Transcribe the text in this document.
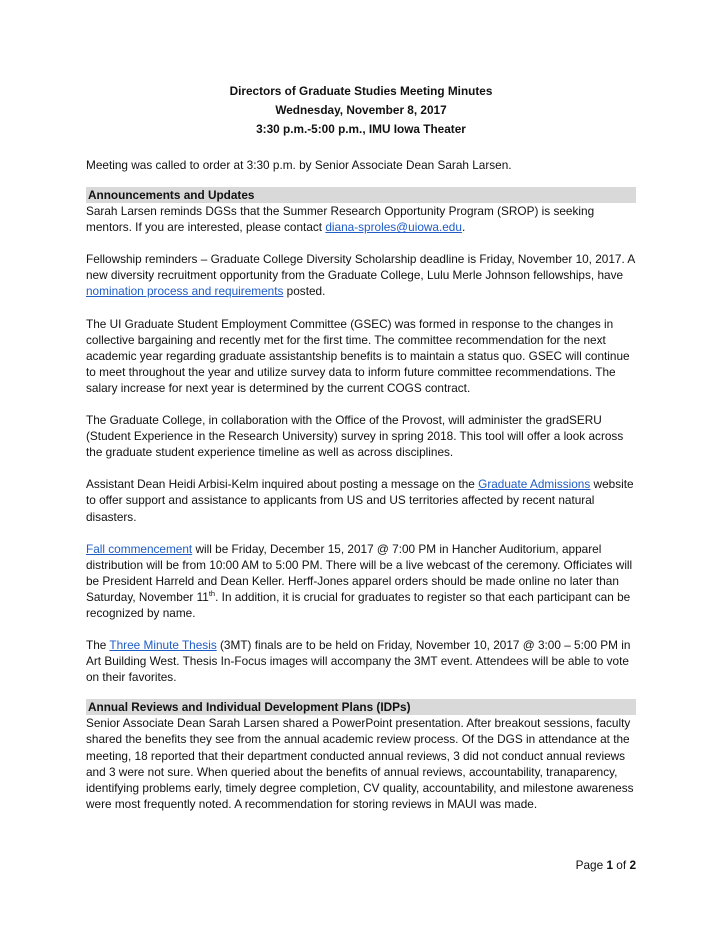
Directors of Graduate Studies Meeting Minutes
Wednesday, November 8, 2017
3:30 p.m.-5:00 p.m., IMU Iowa Theater

Meeting was called to order at 3:30 p.m. by Senior Associate Dean Sarah Larsen.

Announcements and Updates

Sarah Larsen reminds DGSs that the Summer Research Opportunity Program (SROP) is seeking mentors. If you are interested, please contact diana-sproles@uiowa.edu.

Fellowship reminders – Graduate College Diversity Scholarship deadline is Friday, November 10, 2017. A new diversity recruitment opportunity from the Graduate College, Lulu Merle Johnson fellowships, have nomination process and requirements posted.

The UI Graduate Student Employment Committee (GSEC) was formed in response to the changes in collective bargaining and recently met for the first time. The committee recommendation for the next academic year regarding graduate assistantship benefits is to maintain a status quo. GSEC will continue to meet throughout the year and utilize survey data to inform future committee recommendations. The salary increase for next year is determined by the current COGS contract.

The Graduate College, in collaboration with the Office of the Provost, will administer the gradSERU (Student Experience in the Research University) survey in spring 2018. This tool will offer a look across the graduate student experience timeline as well as across disciplines.

Assistant Dean Heidi Arbisi-Kelm inquired about posting a message on the Graduate Admissions website to offer support and assistance to applicants from US and US territories affected by recent natural disasters.

Fall commencement will be Friday, December 15, 2017 @ 7:00 PM in Hancher Auditorium, apparel distribution will be from 10:00 AM to 5:00 PM. There will be a live webcast of the ceremony. Officiates will be President Harreld and Dean Keller. Herff-Jones apparel orders should be made online no later than Saturday, November 11th. In addition, it is crucial for graduates to register so that each participant can be recognized by name.

The Three Minute Thesis (3MT) finals are to be held on Friday, November 10, 2017 @ 3:00 – 5:00 PM in Art Building West. Thesis In-Focus images will accompany the 3MT event. Attendees will be able to vote on their favorites.

Annual Reviews and Individual Development Plans (IDPs)

Senior Associate Dean Sarah Larsen shared a PowerPoint presentation. After breakout sessions, faculty shared the benefits they see from the annual academic review process. Of the DGS in attendance at the meeting, 18 reported that their department conducted annual reviews, 3 did not conduct annual reviews and 3 were not sure. When queried about the benefits of annual reviews, accountability, tranaparency, identifying problems early, timely degree completion, CV quality, accountability, and milestone awareness were most frequently noted. A recommendation for storing reviews in MAUI was made.

Page 1 of 2
